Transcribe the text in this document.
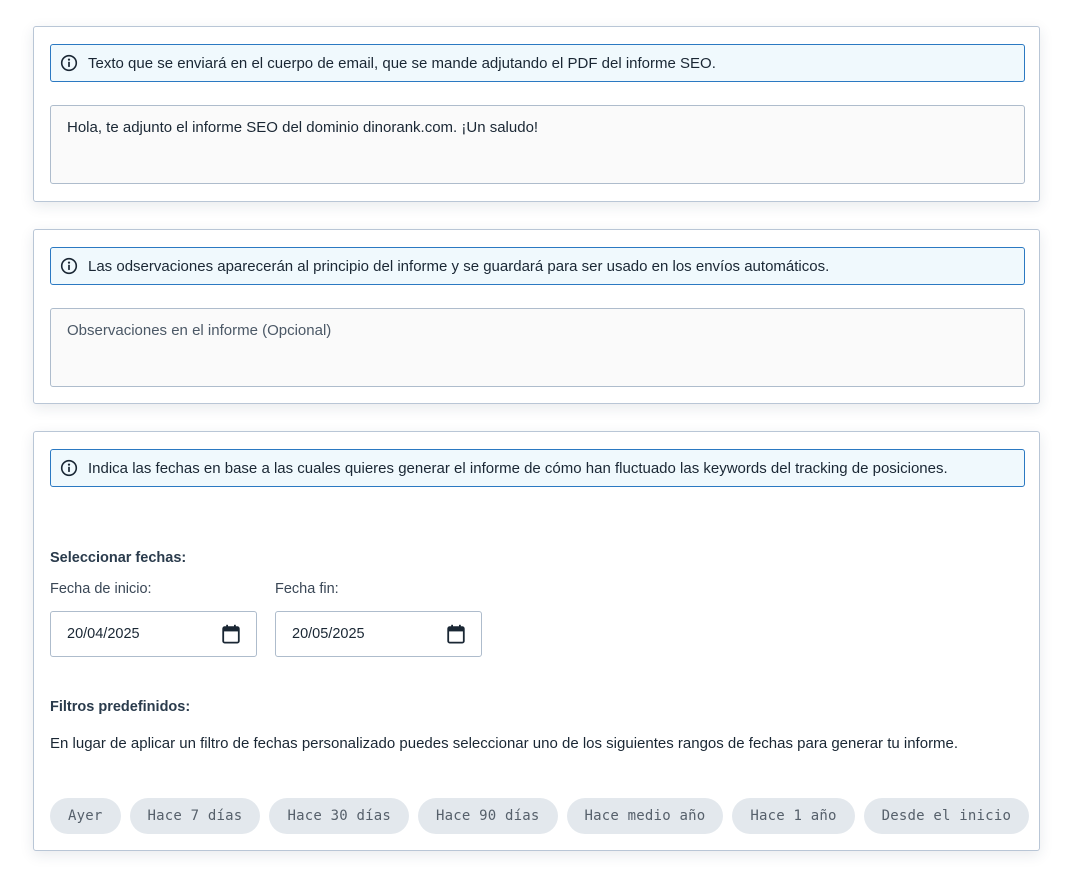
Texto que se enviará en el cuerpo de email, que se mande adjutando el PDF del informe SEO.
Hola, te adjunto el informe SEO del dominio dinorank.com. ¡Un saludo!
Las odservaciones aparecerán al principio del informe y se guardará para ser usado en los envíos automáticos.
Observaciones en el informe (Opcional)
Indica las fechas en base a las cuales quieres generar el informe de cómo han fluctuado las keywords del tracking de posiciones.
Seleccionar fechas:
Fecha de inicio:	Fecha fin:
20/04/2025	20/05/2025
Filtros predefinidos:
En lugar de aplicar un filtro de fechas personalizado puedes seleccionar uno de los siguientes rangos de fechas para generar tu informe.
Ayer	Hace 7 días	Hace 30 días	Hace 90 días	Hace medio año	Hace 1 año	Desde el inicio
